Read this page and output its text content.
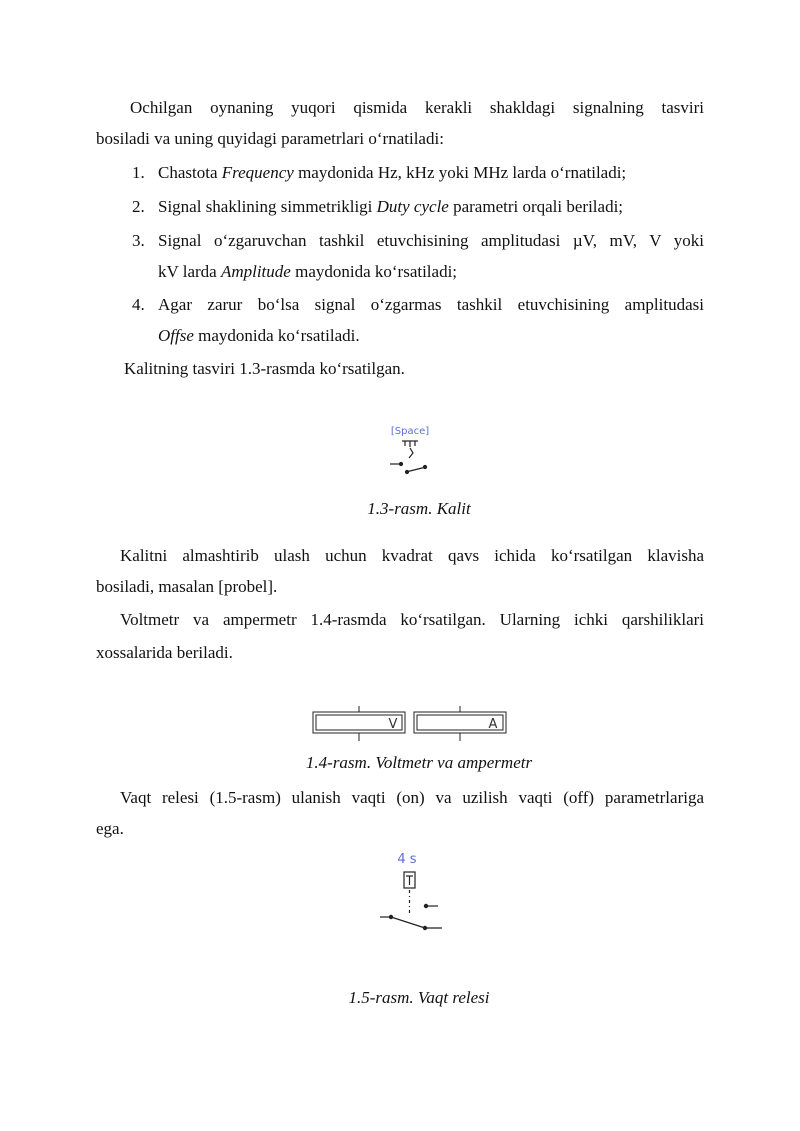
Ochilgan oynaning yuqori qismida kerakli shakldagi signalning tasviri

bosiladi va uning quyidagi parametrlari o‘rnatiladi:

1. Chastota Frequency maydonida Hz, kHz yoki MHz larda o‘rnatiladi;
2. Signal shaklining simmetrikligi Duty cycle parametri orqali beriladi;
3. Signal o‘zgaruvchan tashkil etuvchisining amplitudasi µV, mV, V yoki
kV larda Amplitude maydonida ko‘rsatiladi;
4. Agar zarur bo‘lsa signal o‘zgarmas tashkil etuvchisining amplitudasi
Offse maydonida ko‘rsatiladi.

Kalitning tasviri 1.3-rasmda ko‘rsatilgan.

[Space]
1.3-rasm. Kalit

Kalitni almashtirib ulash uchun kvadrat qavs ichida ko‘rsatilgan klavisha

bosiladi, masalan [probel].

Voltmetr va ampermetr 1.4-rasmda ko‘rsatilgan. Ularning ichki qarshiliklari

xossalarida beriladi.

V	A
1.4-rasm. Voltmetr va ampermetr

Vaqt relesi (1.5-rasm) ulanish vaqti (on) va uzilish vaqti (off) parametrlariga

ega.

4 s
1.5-rasm. Vaqt relesi
